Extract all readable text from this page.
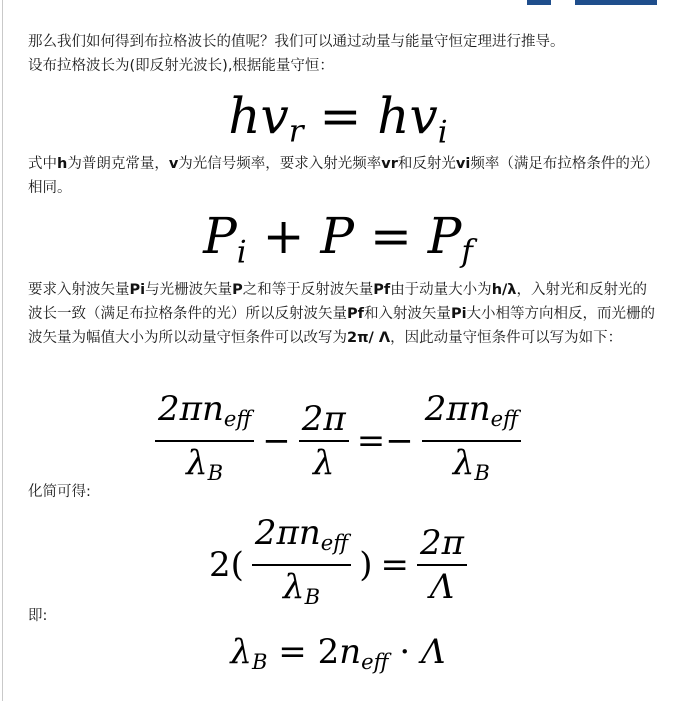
那么我们如何得到布拉格波长的值呢？我们可以通过动量与能量守恒定理进行推导。
设布拉格波长为(即反射光波长),根据能量守恒：

$hv_r$ = hvi

式中h为普朗克常量，v为光信号频率，要求入射光频率vr和反射光vi频率（满足布拉格条件的光）相同。

$Pi + P = P_f$

要求入射波矢量Pi与光栅波矢量P之和等于反射波矢量Pf由于动量大小为h/λ，入射光和反射光的波长一致（满足布拉格条件的光）所以反射波矢量Pf和入射波矢量Pi大小相等方向相反，而光栅的波矢量为幅值大小为所以动量守恒条件可以改写为2π/ Λ，因此动量守恒条件可以写为如下：

$\frac{2\pi n_{eff}}{\lambda_B} - \frac{2\pi}{\lambda} =- \frac{2\pi n_{eff}}{\lambda_B}$

化简可得:

$2( \frac{2\pi n_{eff}}{\lambda_B}$ )= $\frac{2\pi}{\Lambda}$

即:

$\lambda_B = 2n_{eff} \cdot \Lambda$
